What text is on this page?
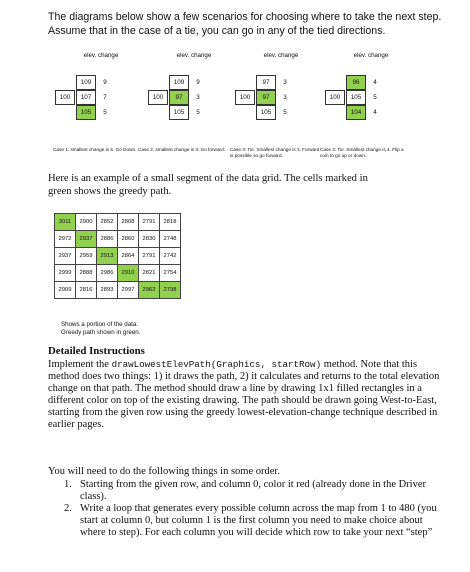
The diagrams below show a few scenarios for choosing where to take the next step. Assume that in the case of a tie, you can go in any of the tied directions.

elev. change
109	9
100	107	7
105	5
Case 1: smallest change is 5. Go Down.
elev. change
109	9
100	97	3
105	5
Case 2: smallest change is 3. Go forward.
elev. change
97	3
100	97	3
105	5
Case 3: Tie. Smallest change is 3. Forward is possible so go forward.
elev. change
96	4
100	105	5
104	4
Case 4: Tie. Smallest change is 4. Flip a coin to go up or down.

Here is an example of a small segment of the data grid. The cells marked in green shows the greedy path.

3011	2900	2852	2808	2791	2818
2972	2937	2886	2860	2830	2748
2937	2959	2913	2864	2791	2742
2999	2888	2986	2910	2821	2754
2909	2816	2893	2997	2962	2798
Shows a portion of the data.
Greedy path shown in green.
Detailed Instructions

Implement the drawLowestElevPath(Graphics, startRow) method. Note that this method does two things: 1) it draws the path, 2) it calculates and returns to the total elevation change on that path. The method should draw a line by drawing 1x1 filled rectangles in a different color on top of the existing drawing. The path should be drawn going West-to-East, starting from the given row using the greedy lowest-elevation-change technique described in earlier pages.

You will need to do the following things in some order.

1. Starting from the given row, and column 0, color it red (already done in the Driver class).
2. Write a loop that generates every possible column across the map from 1 to 480 (you start at column 0, but column 1 is the first column you need to make choice about where to step). For each column you will decide which row to take your next “step”
